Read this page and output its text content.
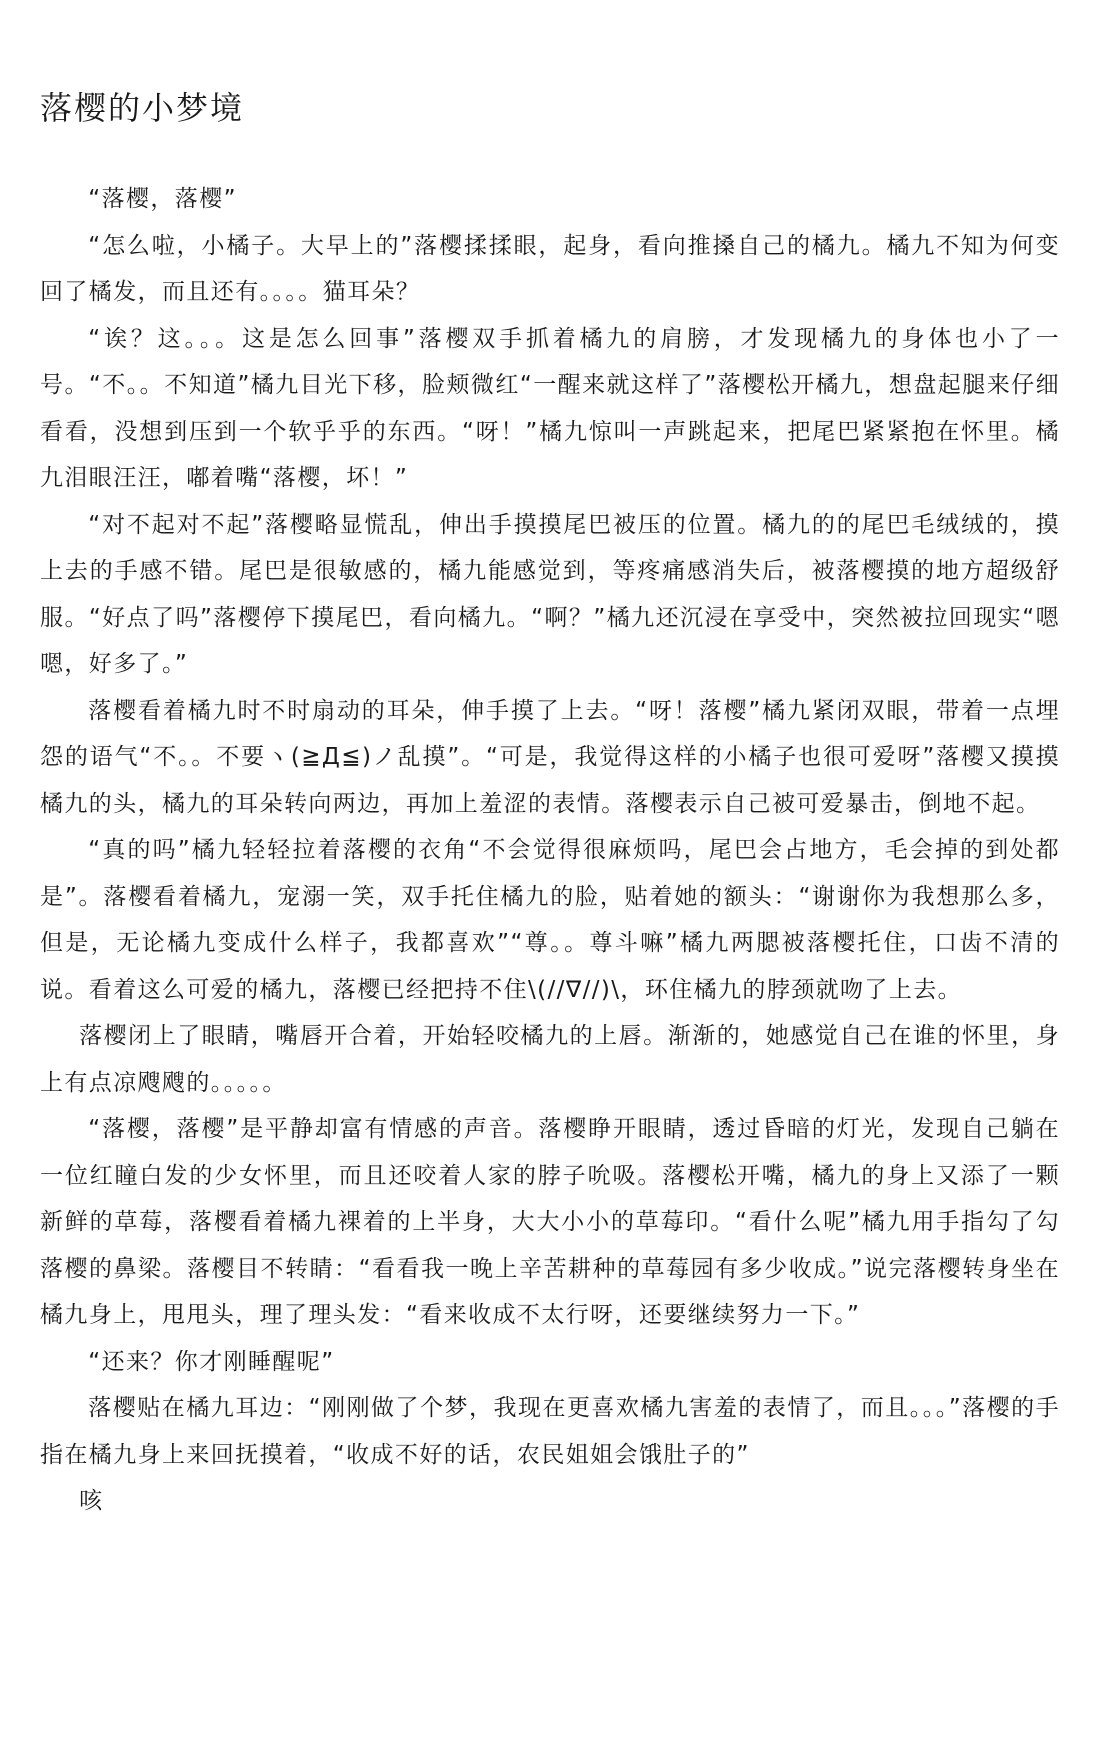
落樱的小梦境

“落樱，落樱”

“怎么啦，小橘子。大早上的”落樱揉揉眼，起身，看向推搡自己的橘九。橘九不知为何变回了橘发，而且还有。。。。猫耳朵？

“诶？这。。。这是怎么回事”落樱双手抓着橘九的肩膀，才发现橘九的身体也小了一号。“不。。不知道”橘九目光下移，脸颊微红“一醒来就这样了”落樱松开橘九，想盘起腿来仔细看看，没想到压到一个软乎乎的东西。“呀！”橘九惊叫一声跳起来，把尾巴紧紧抱在怀里。橘九泪眼汪汪，嘟着嘴“落樱，坏！”

“对不起对不起”落樱略显慌乱，伸出手摸摸尾巴被压的位置。橘九的的尾巴毛绒绒的，摸上去的手感不错。尾巴是很敏感的，橘九能感觉到，等疼痛感消失后，被落樱摸的地方超级舒服。“好点了吗”落樱停下摸尾巴，看向橘九。“啊？”橘九还沉浸在享受中，突然被拉回现实“嗯嗯，好多了。”

落樱看着橘九时不时扇动的耳朵，伸手摸了上去。“呀！落樱”橘九紧闭双眼，带着一点埋怨的语气“不。。不要ヽ(≧Д≦)ノ乱摸”。“可是，我觉得这样的小橘子也很可爱呀”落樱又摸摸橘九的头，橘九的耳朵转向两边，再加上羞涩的表情。落樱表示自己被可爱暴击，倒地不起。

“真的吗”橘九轻轻拉着落樱的衣角“不会觉得很麻烦吗，尾巴会占地方，毛会掉的到处都是”。落樱看着橘九，宠溺一笑，双手托住橘九的脸，贴着她的额头：“谢谢你为我想那么多，但是，无论橘九变成什么样子，我都喜欢”“尊。。尊斗嘛”橘九两腮被落樱托住，口齿不清的说。看着这么可爱的橘九，落樱已经把持不住\(//∇//)\，环住橘九的脖颈就吻了上去。

落樱闭上了眼睛，嘴唇开合着，开始轻咬橘九的上唇。渐渐的，她感觉自己在谁的怀里，身上有点凉飕飕的。。。。。

“落樱，落樱”是平静却富有情感的声音。落樱睁开眼睛，透过昏暗的灯光，发现自己躺在一位红瞳白发的少女怀里，而且还咬着人家的脖子吮吸。落樱松开嘴，橘九的身上又添了一颗新鲜的草莓，落樱看着橘九裸着的上半身，大大小小的草莓印。“看什么呢”橘九用手指勾了勾落樱的鼻梁。落樱目不转睛：“看看我一晚上辛苦耕种的草莓园有多少收成。”说完落樱转身坐在橘九身上，甩甩头，理了理头发：“看来收成不太行呀，还要继续努力一下。”

“还来？你才刚睡醒呢”

落樱贴在橘九耳边：“刚刚做了个梦，我现在更喜欢橘九害羞的表情了，而且。。。”落樱的手指在橘九身上来回抚摸着，“收成不好的话，农民姐姐会饿肚子的”

咳
